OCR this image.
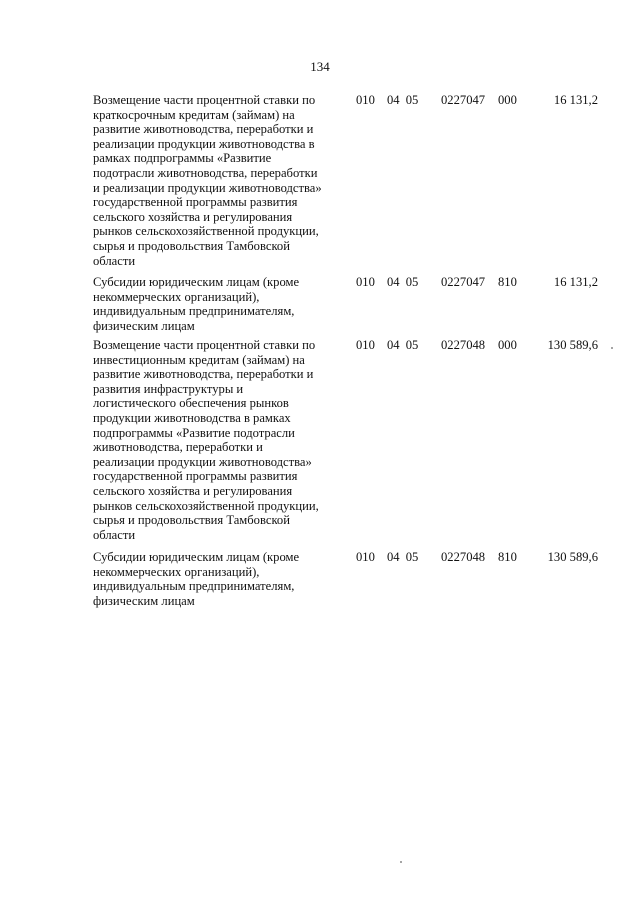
134
Возмещение части процентной ставки по
краткосрочным кредитам (займам) на
развитие животноводства, переработки и
реализации продукции животноводства в
рамках подпрограммы «Развитие
подотрасли животноводства, переработки
и реализации продукции животноводства»
государственной программы развития
сельского хозяйства и регулирования
рынков сельскохозяйственной продукции,
сырья и продовольствия Тамбовской
области
010 04 05 0227047 000	16 131,2
Субсидии юридическим лицам (кроме
некоммерческих организаций),
индивидуальным предпринимателям,
физическим лицам
010 04 05 0227047 810	16 131,2
Возмещение части процентной ставки по
инвестиционным кредитам (займам) на
развитие животноводства, переработки и
развития инфраструктуры и
логистического обеспечения рынков
продукции животноводства в рамках
подпрограммы «Развитие подотрасли
животноводства, переработки и
реализации продукции животноводства»
государственной программы развития
сельского хозяйства и регулирования
рынков сельскохозяйственной продукции,
сырья и продовольствия Тамбовской
области
010 04 05 0227048 000 130 589,6
Субсидии юридическим лицам (кроме
некоммерческих организаций),
индивидуальным предпринимателям,
физическим лицам
010 04 05 0227048 810 130 589,6
